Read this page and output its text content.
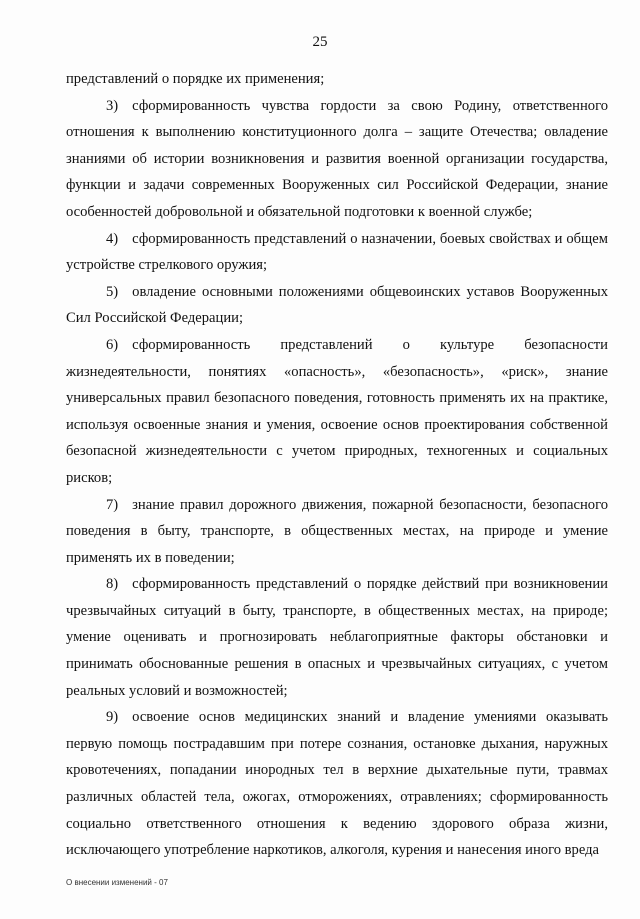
25

представлений о порядке их применения;

3) сформированность чувства гордости за свою Родину, ответственного отношения к выполнению конституционного долга – защите Отечества; овладение знаниями об истории возникновения и развития военной организации государства, функции и задачи современных Вооруженных сил Российской Федерации, знание особенностей добровольной и обязательной подготовки к военной службе;

4) сформированность представлений о назначении, боевых свойствах и общем устройстве стрелкового оружия;

5) овладение основными положениями общевоинских уставов Вооруженных Сил Российской Федерации;

6) сформированность представлений о культуре безопасности жизнедеятельности, понятиях «опасность», «безопасность», «риск», знание универсальных правил безопасного поведения, готовность применять их на практике, используя освоенные знания и умения, освоение основ проектирования собственной безопасной жизнедеятельности с учетом природных, техногенных и социальных рисков;

7) знание правил дорожного движения, пожарной безопасности, безопасного поведения в быту, транспорте, в общественных местах, на природе и умение применять их в поведении;

8) сформированность представлений о порядке действий при возникновении чрезвычайных ситуаций в быту, транспорте, в общественных местах, на природе; умение оценивать и прогнозировать неблагоприятные факторы обстановки и принимать обоснованные решения в опасных и чрезвычайных ситуациях, с учетом реальных условий и возможностей;

9) освоение основ медицинских знаний и владение умениями оказывать первую помощь пострадавшим при потере сознания, остановке дыхания, наружных кровотечениях, попадании инородных тел в верхние дыхательные пути, травмах различных областей тела, ожогах, отморожениях, отравлениях; сформированность социально ответственного отношения к ведению здорового образа жизни, исключающего употребление наркотиков, алкоголя, курения и нанесения иного вреда

О внесении изменений - 07
